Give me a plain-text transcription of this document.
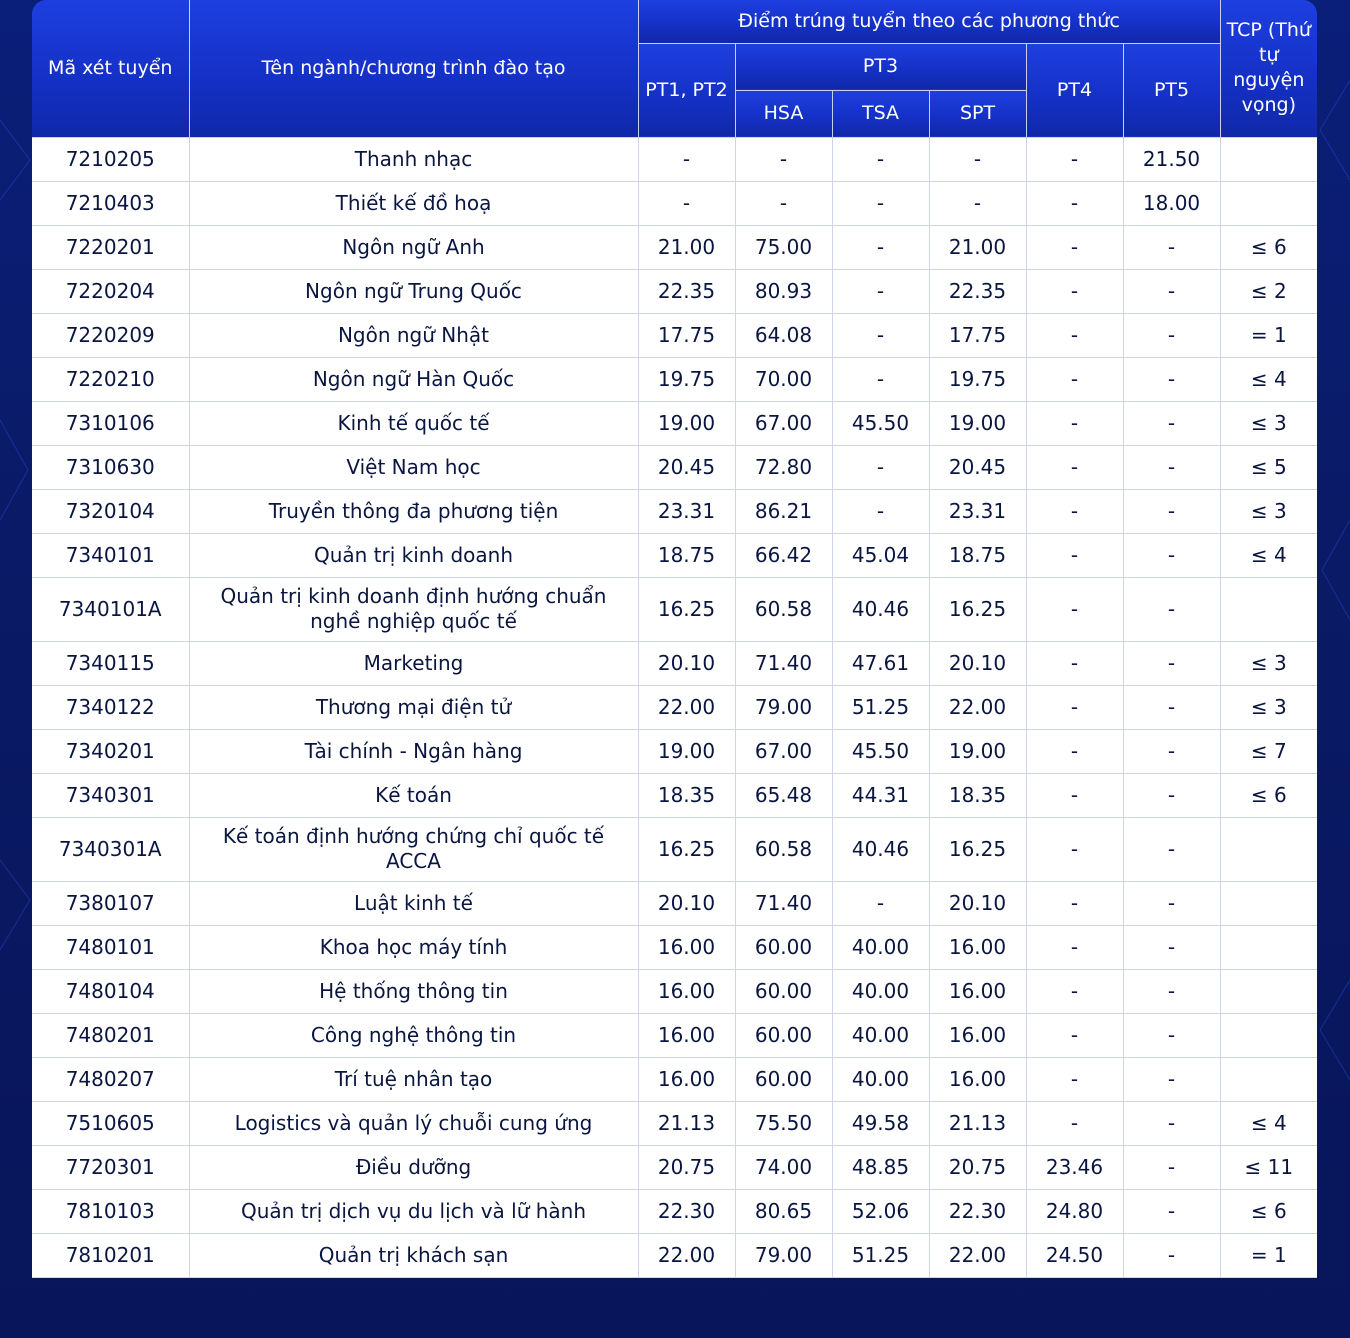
Mã xét tuyển	Tên ngành/chương trình đào tạo	Điểm trúng tuyển theo các phương thức						TCP (Thứ tự nguyện vọng)
		PT1, PT2	PT3			PT4	PT5	
			HSA	TSA	SPT			
7210205	Thanh nhạc	-	-	-	-	-	21.50	
7210403	Thiết kế đồ hoạ	-	-	-	-	-	18.00	
7220201	Ngôn ngữ Anh	21.00	75.00	-	21.00	-	-	≤ 6
7220204	Ngôn ngữ Trung Quốc	22.35	80.93	-	22.35	-	-	≤ 2
7220209	Ngôn ngữ Nhật	17.75	64.08	-	17.75	-	-	= 1
7220210	Ngôn ngữ Hàn Quốc	19.75	70.00	-	19.75	-	-	≤ 4
7310106	Kinh tế quốc tế	19.00	67.00	45.50	19.00	-	-	≤ 3
7310630	Việt Nam học	20.45	72.80	-	20.45	-	-	≤ 5
7320104	Truyền thông đa phương tiện	23.31	86.21	-	23.31	-	-	≤ 3
7340101	Quản trị kinh doanh	18.75	66.42	45.04	18.75	-	-	≤ 4
7340101A	Quản trị kinh doanh định hướng chuẩn nghề nghiệp quốc tế	16.25	60.58	40.46	16.25	-	-	
7340115	Marketing	20.10	71.40	47.61	20.10	-	-	≤ 3
7340122	Thương mại điện tử	22.00	79.00	51.25	22.00	-	-	≤ 3
7340201	Tài chính - Ngân hàng	19.00	67.00	45.50	19.00	-	-	≤ 7
7340301	Kế toán	18.35	65.48	44.31	18.35	-	-	≤ 6
7340301A	Kế toán định hướng chứng chỉ quốc tế ACCA	16.25	60.58	40.46	16.25	-	-	
7380107	Luật kinh tế	20.10	71.40	-	20.10	-	-	
7480101	Khoa học máy tính	16.00	60.00	40.00	16.00	-	-	
7480104	Hệ thống thông tin	16.00	60.00	40.00	16.00	-	-	
7480201	Công nghệ thông tin	16.00	60.00	40.00	16.00	-	-	
7480207	Trí tuệ nhân tạo	16.00	60.00	40.00	16.00	-	-	
7510605	Logistics và quản lý chuỗi cung ứng	21.13	75.50	49.58	21.13	-	-	≤ 4
7720301	Điều dưỡng	20.75	74.00	48.85	20.75	23.46	-	≤ 11
7810103	Quản trị dịch vụ du lịch và lữ hành	22.30	80.65	52.06	22.30	24.80	-	≤ 6
7810201	Quản trị khách sạn	22.00	79.00	51.25	22.00	24.50	-	= 1
